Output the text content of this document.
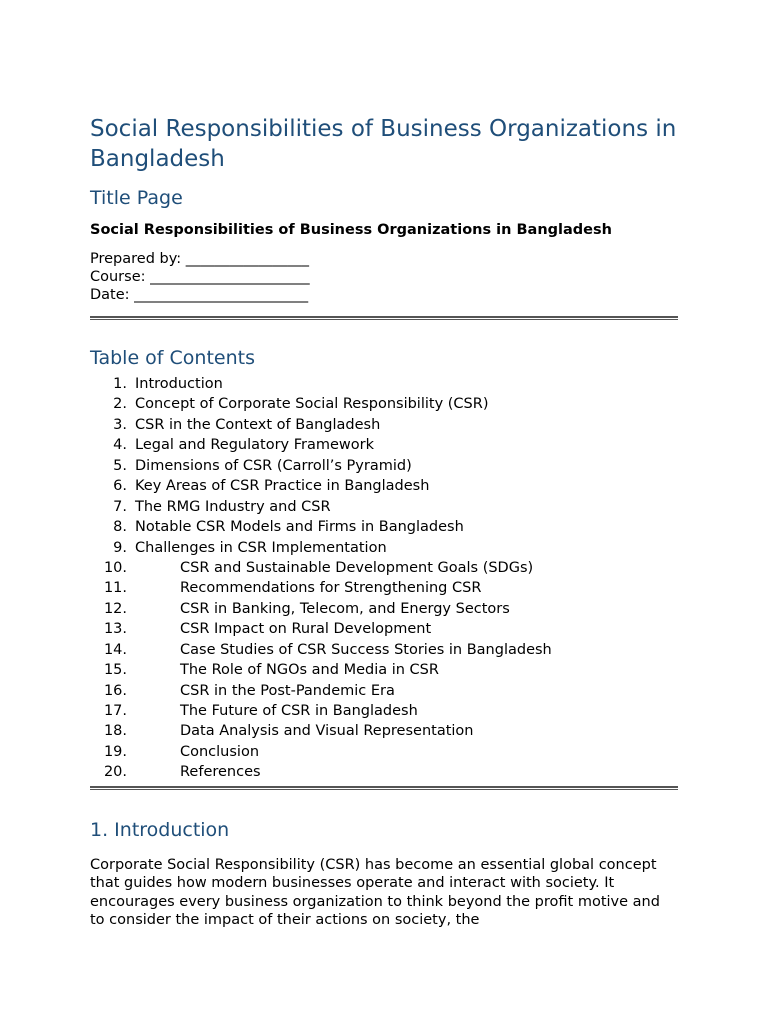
Social Responsibilities of Business Organizations in Bangladesh
Title Page

Social Responsibilities of Business Organizations in Bangladesh

Prepared by: _________________
Course: ______________________
Date: ________________________
Table of Contents
1. Introduction
2. Concept of Corporate Social Responsibility (CSR)
3. CSR in the Context of Bangladesh
4. Legal and Regulatory Framework
5. Dimensions of CSR (Carroll’s Pyramid)
6. Key Areas of CSR Practice in Bangladesh
7. The RMG Industry and CSR
8. Notable CSR Models and Firms in Bangladesh
9. Challenges in CSR Implementation
10.	CSR and Sustainable Development Goals (SDGs)
11.	Recommendations for Strengthening CSR
12.	CSR in Banking, Telecom, and Energy Sectors
13.	CSR Impact on Rural Development
14.	Case Studies of CSR Success Stories in Bangladesh
15.	The Role of NGOs and Media in CSR
16.	CSR in the Post-Pandemic Era
17.	The Future of CSR in Bangladesh
18.	Data Analysis and Visual Representation
19.	Conclusion
20.	References
1. Introduction

Corporate Social Responsibility (CSR) has become an essential global concept that guides how modern businesses operate and interact with society. It encourages every business organization to think beyond the profit motive and to consider the impact of their actions on society, the
